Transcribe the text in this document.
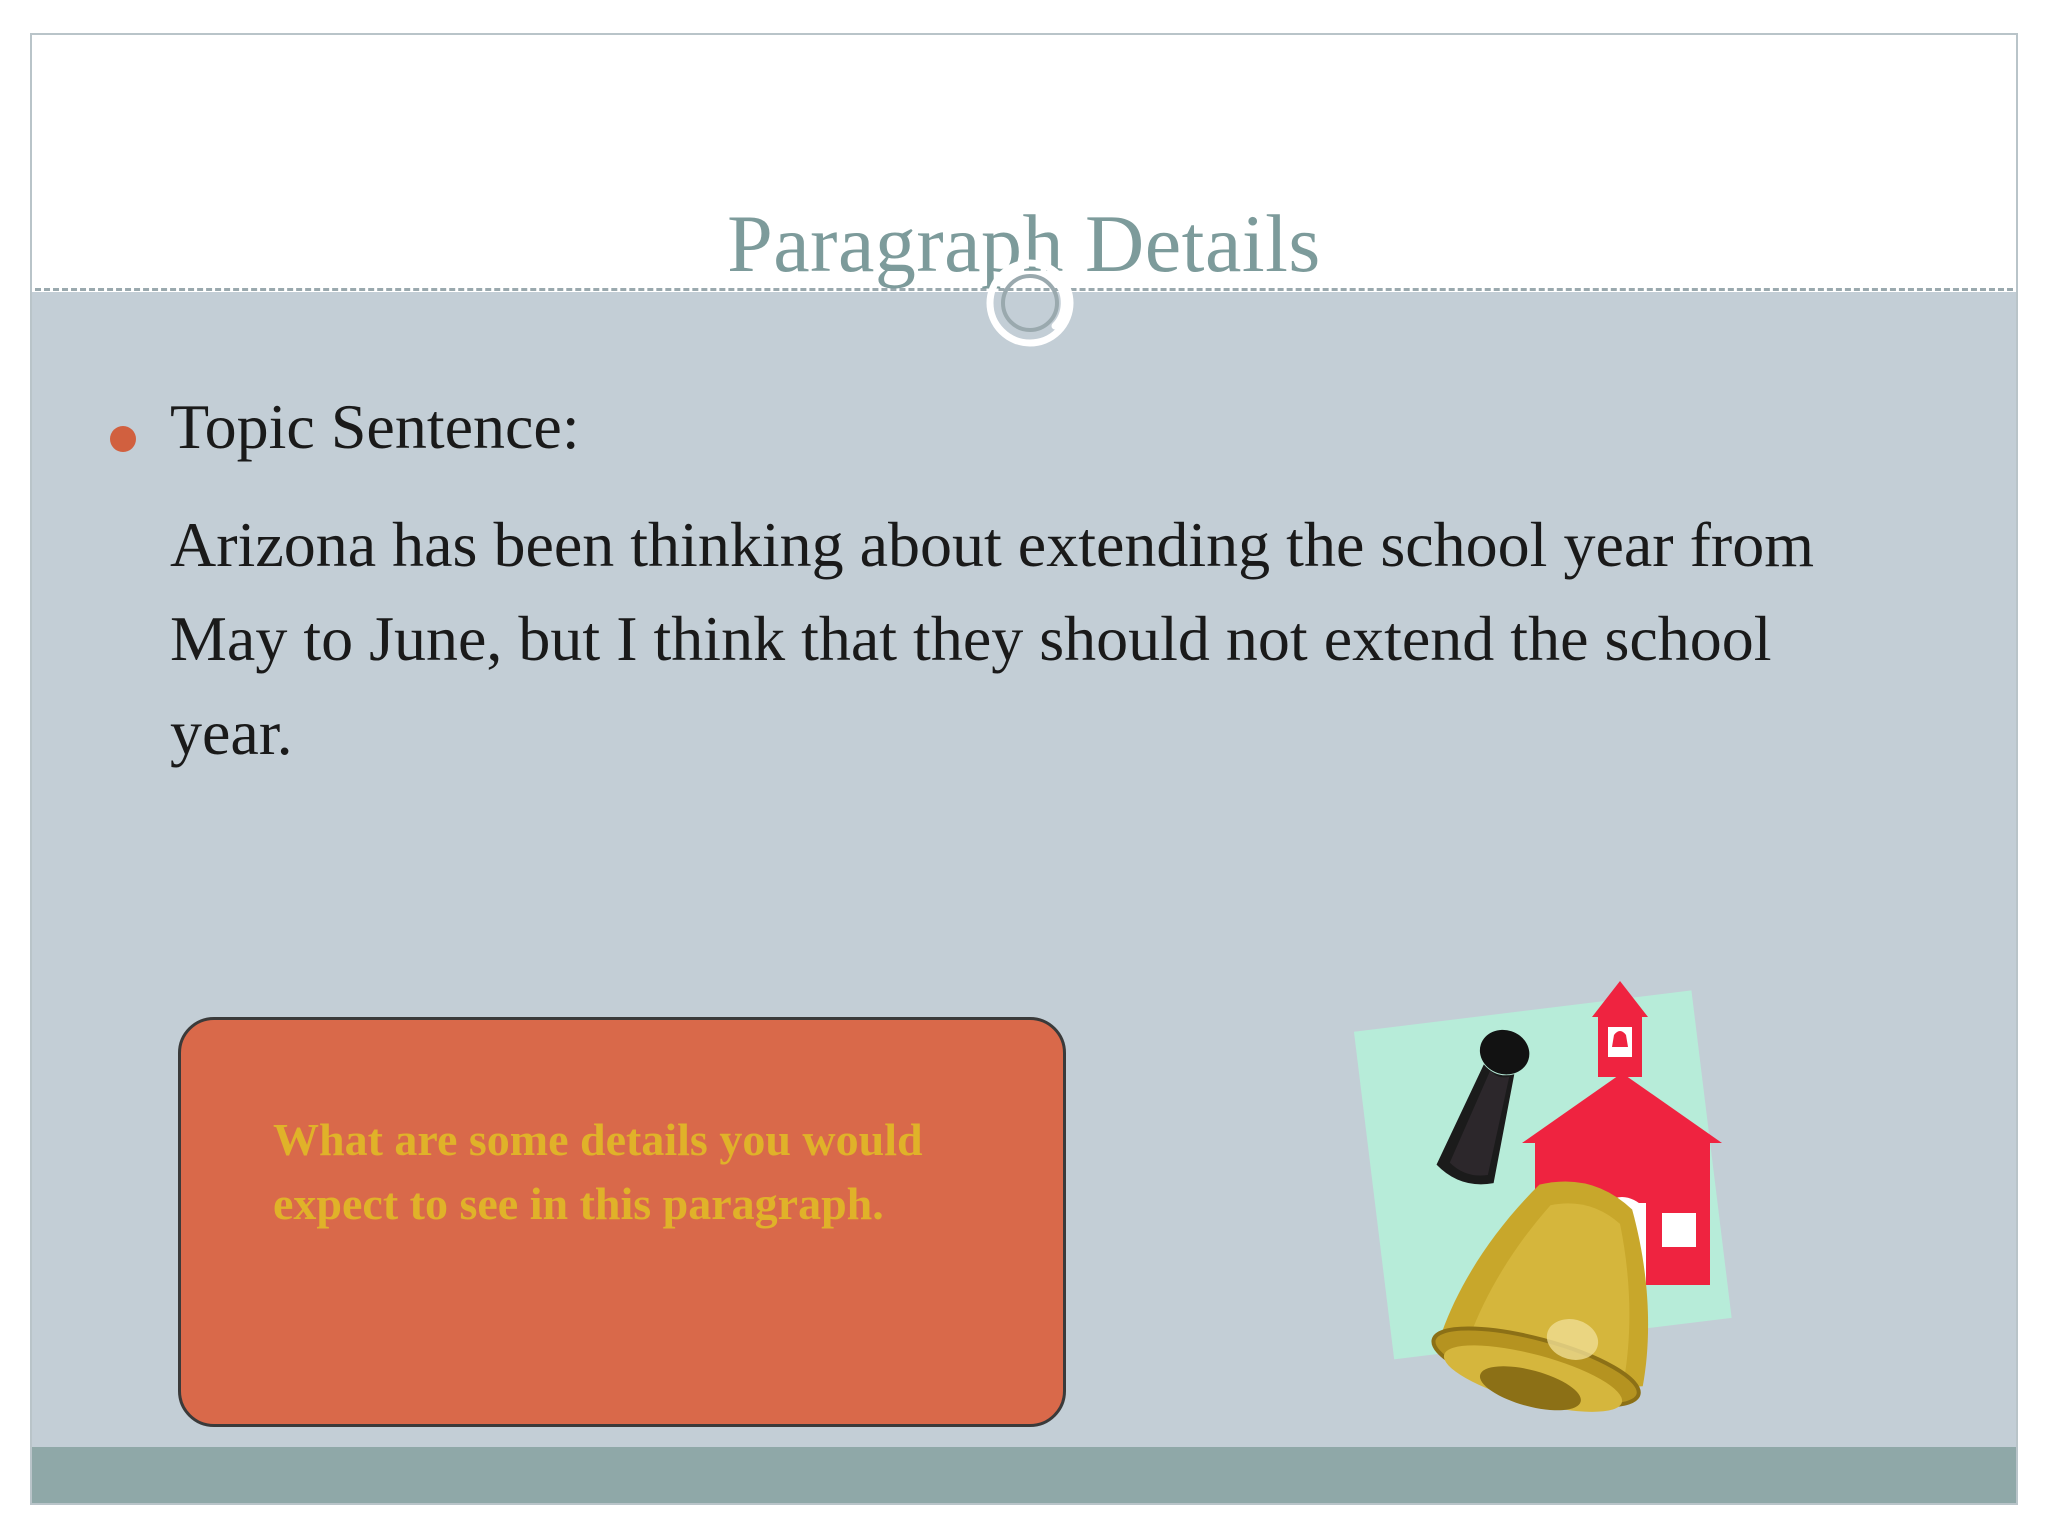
Paragraph Details
Topic Sentence:
Arizona has been thinking about extending the school year from May to June, but I think that they should not extend the school year.
What are some details you would expect to see in this paragraph.
